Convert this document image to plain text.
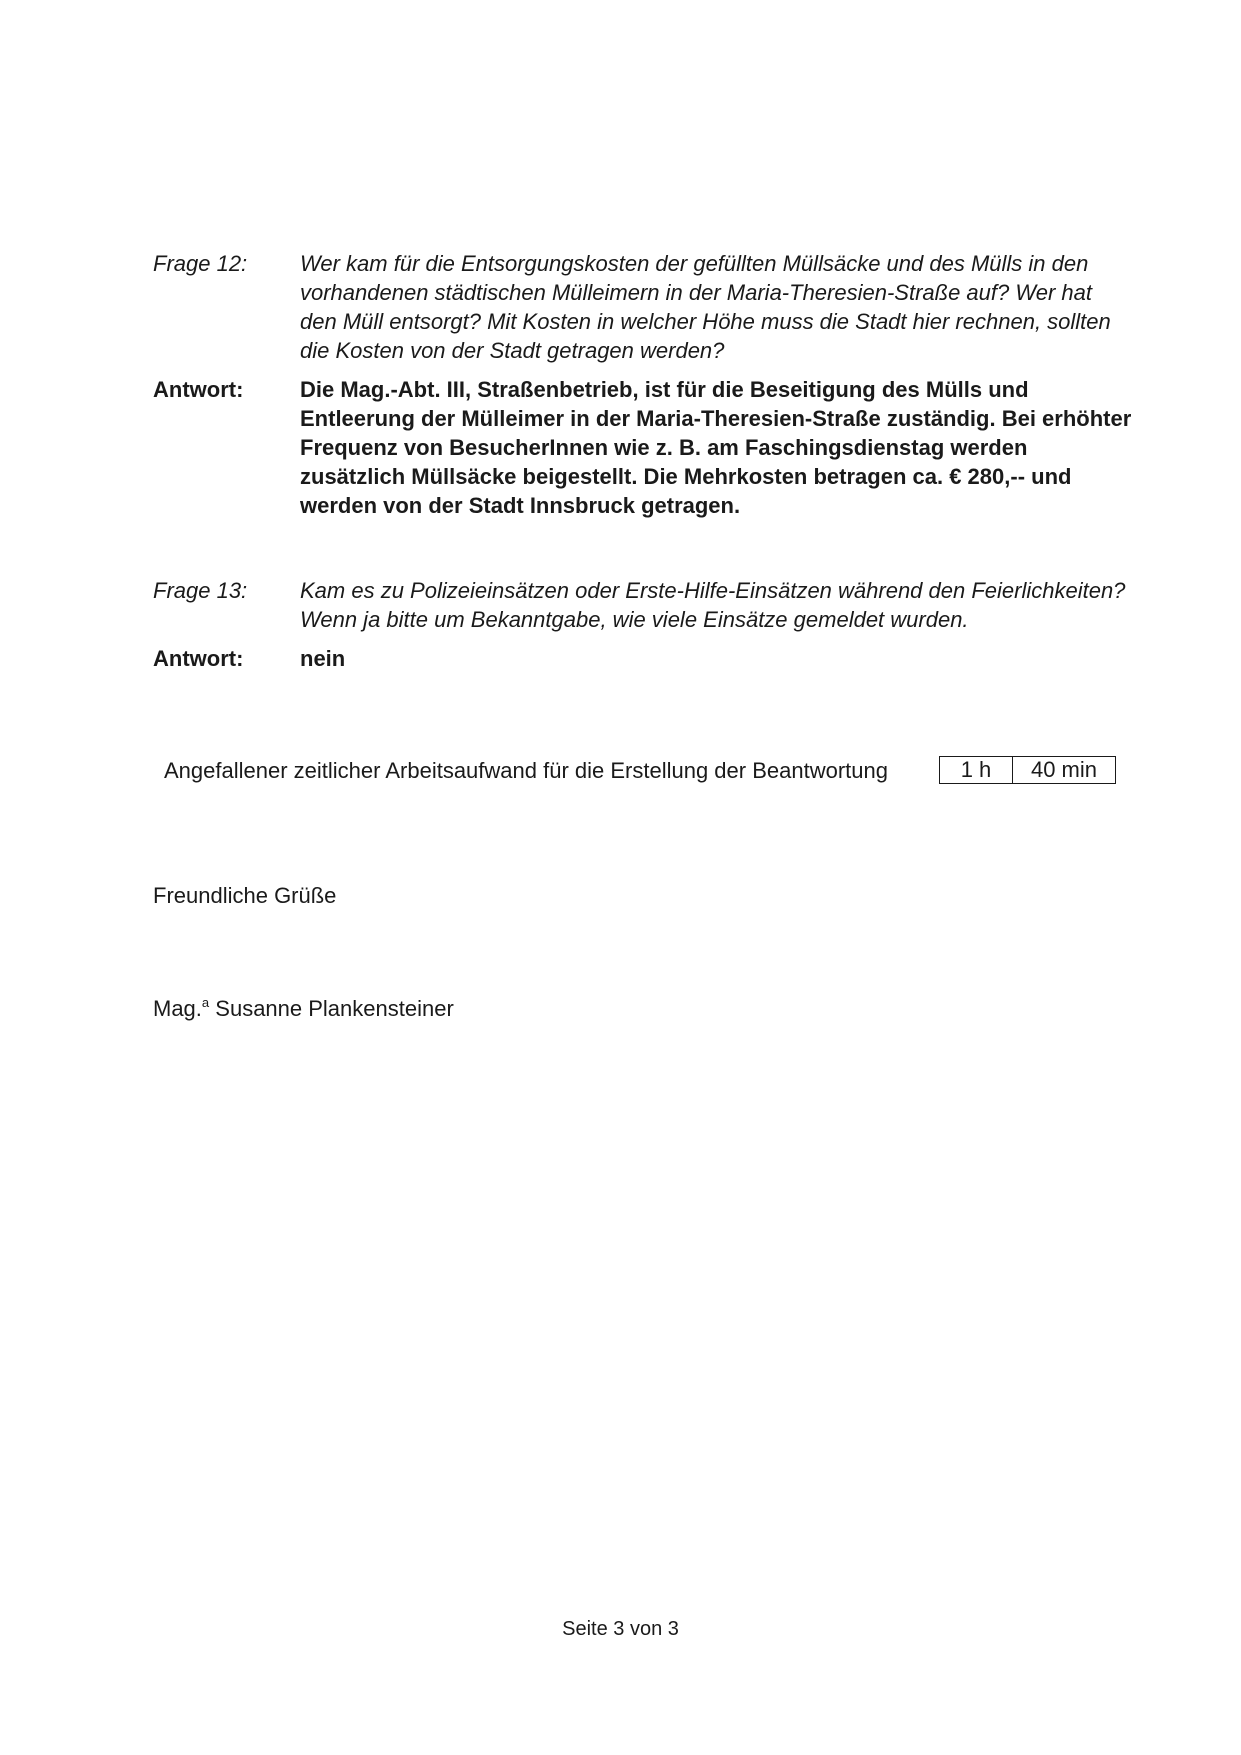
Frage 12:	Wer kam für die Entsorgungskosten der gefüllten Müllsäcke und des Mülls in den vorhandenen städtischen Mülleimern in der Maria-Theresien-Straße auf? Wer hat den Müll entsorgt? Mit Kosten in welcher Höhe muss die Stadt hier rechnen, sollten die Kosten von der Stadt getragen werden?
Antwort:	Die Mag.-Abt. III, Straßenbetrieb, ist für die Beseitigung des Mülls und Entleerung der Mülleimer in der Maria-Theresien-Straße zuständig. Bei erhöhter Frequenz von BesucherInnen wie z. B. am Faschingsdienstag werden zusätzlich Müllsäcke beigestellt. Die Mehrkosten betragen ca. € 280,-- und werden von der Stadt Innsbruck getragen.
Frage 13:	Kam es zu Polizeieinsätzen oder Erste-Hilfe-Einsätzen während den Feierlichkeiten? Wenn ja bitte um Bekanntgabe, wie viele Einsätze gemeldet wurden.
Antwort:	nein
Angefallener zeitlicher Arbeitsaufwand für die Erstellung der Beantwortung	1 h	40 min
Freundliche Grüße
Mag.$^a$ Susanne Plankensteiner
Seite 3 von 3
